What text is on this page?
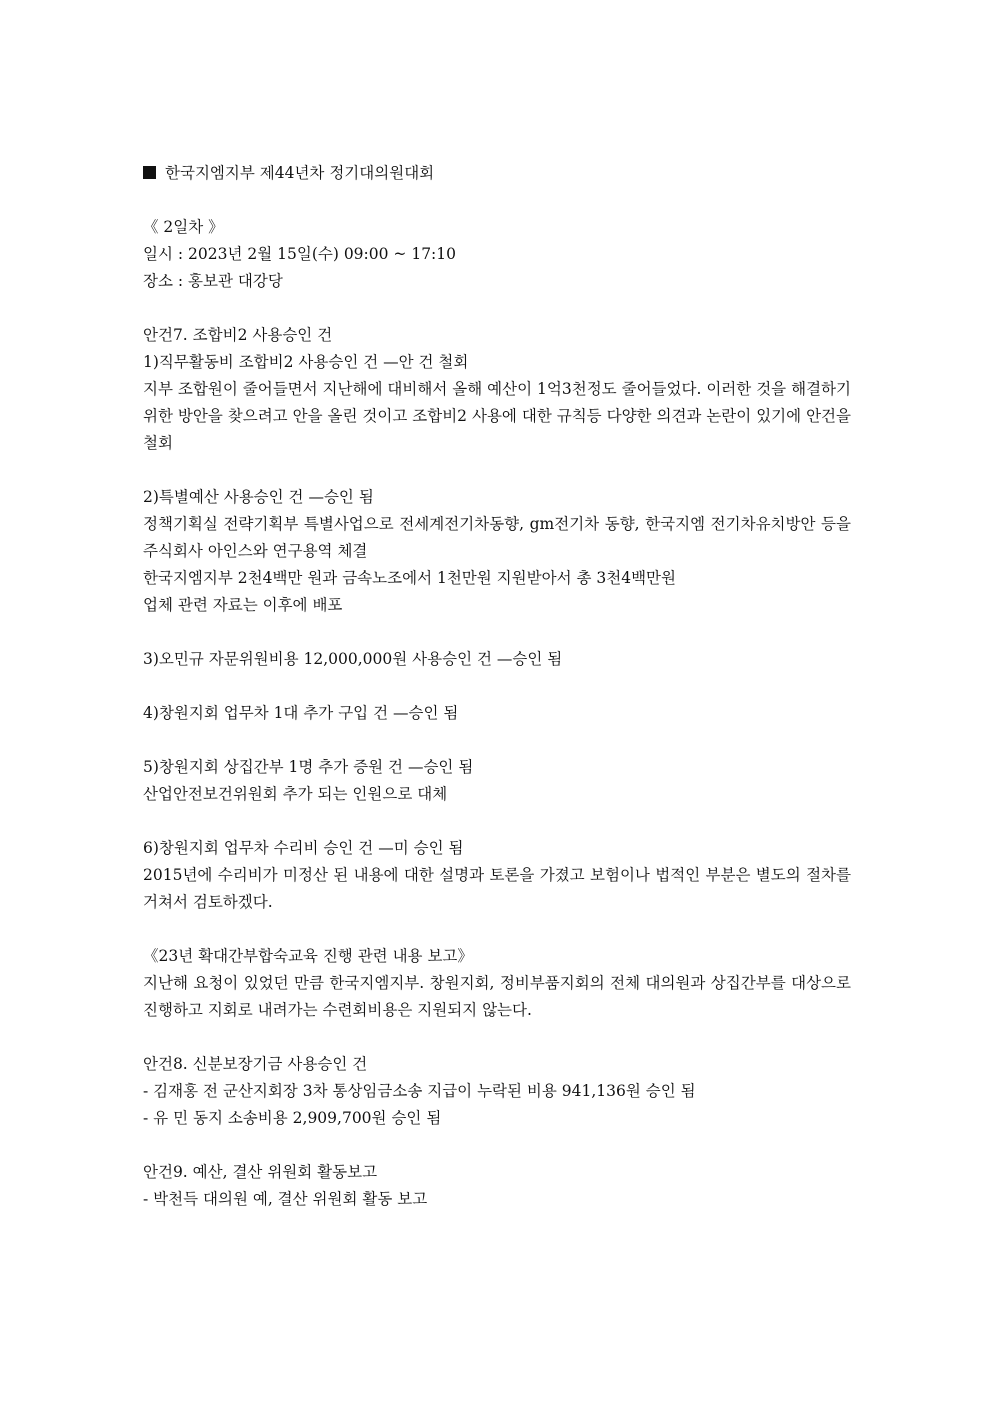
한국지엠지부 제44년차 정기대의원대회
《 2일차 》
일시 : 2023년 2월 15일(수) 09:00 ~ 17:10
장소 : 홍보관 대강당
안건7. 조합비2 사용승인 건
1)직무활동비 조합비2 사용승인 건 —안 건 철회
지부 조합원이 줄어들면서 지난해에 대비해서 올해 예산이 1억3천정도 줄어들었다. 이러한 것을 해결하기 위한 방안을 찾으려고 안을 올린 것이고 조합비2 사용에 대한 규칙등 다양한 의견과 논란이 있기에 안건을 철회
2)특별예산 사용승인 건 —승인 됨
정책기획실 전략기획부 특별사업으로 전세계전기차동향, gm전기차 동향, 한국지엠 전기차유치방안 등을 주식회사 아인스와 연구용역 체결
한국지엠지부 2천4백만 원과 금속노조에서 1천만원 지원받아서 총 3천4백만원
업체 관련 자료는 이후에 배포
3)오민규 자문위원비용 12,000,000원 사용승인 건 —승인 됨
4)창원지회 업무차 1대 추가 구입 건 —승인 됨
5)창원지회 상집간부 1명 추가 증원 건 —승인 됨
산업안전보건위원회 추가 되는 인원으로 대체
6)창원지회 업무차 수리비 승인 건 —미 승인 됨
2015년에 수리비가 미정산 된 내용에 대한 설명과 토론을 가졌고 보험이나 법적인 부분은 별도의 절차를 거쳐서 검토하겠다.
《23년 확대간부합숙교육 진행 관련 내용 보고》
지난해 요청이 있었던 만큼 한국지엠지부. 창원지회, 정비부품지회의 전체 대의원과 상집간부를 대상으로 진행하고 지회로 내려가는 수련회비용은 지원되지 않는다.
안건8. 신분보장기금 사용승인 건
- 김재홍 전 군산지회장 3차 통상임금소송 지급이 누락된 비용 941,136원 승인 됨
- 유 민 동지 소송비용 2,909,700원 승인 됨
안건9. 예산, 결산 위원회 활동보고
- 박천득 대의원 예, 결산 위원회 활동 보고
